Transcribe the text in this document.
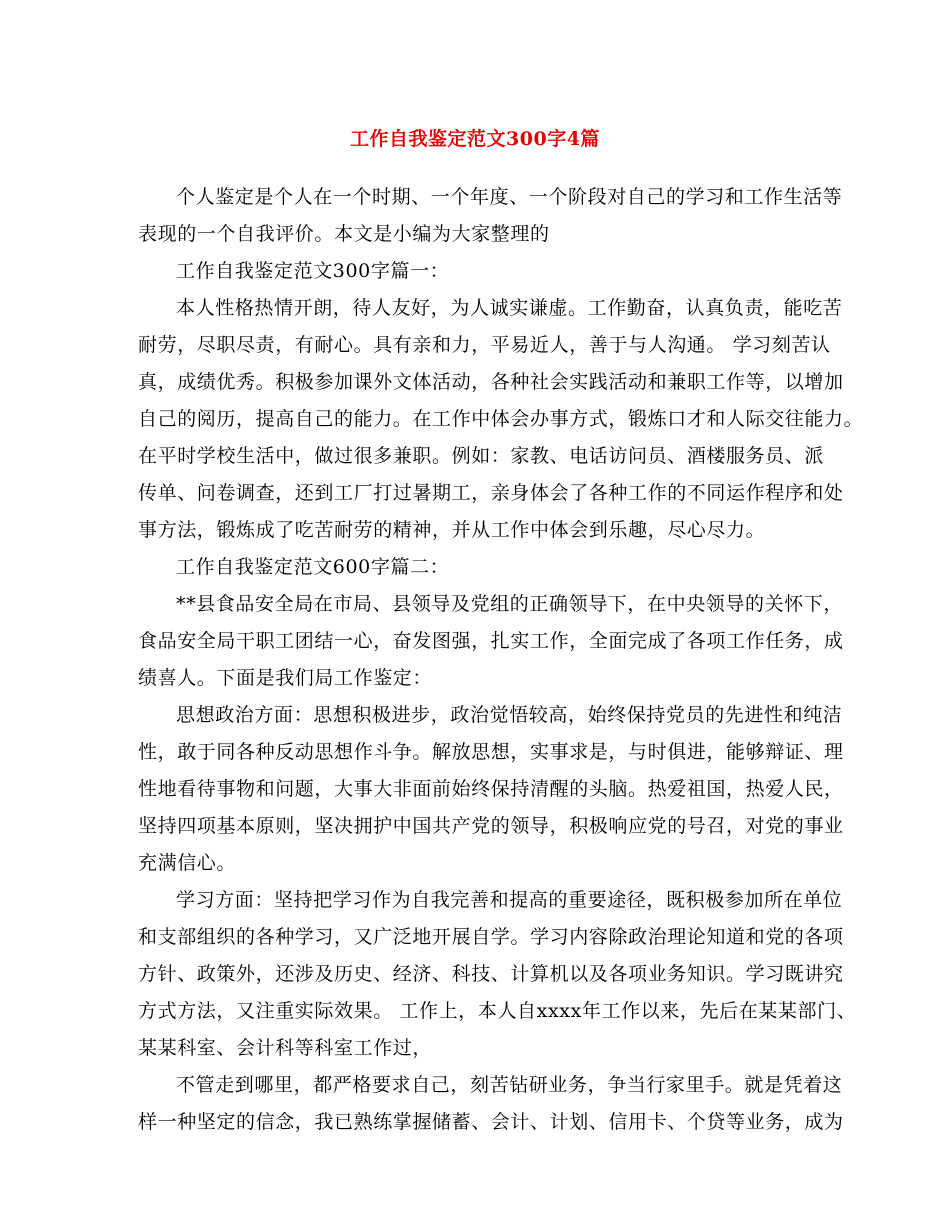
工作自我鉴定范文300字4篇
个人鉴定是个人在一个时期、一个年度、一个阶段对自己的学习和工作生活等
表现的一个自我评价。本文是小编为大家整理的
工作自我鉴定范文300字篇一：
本人性格热情开朗，待人友好，为人诚实谦虚。工作勤奋，认真负责，能吃苦
耐劳，尽职尽责，有耐心。具有亲和力，平易近人，善于与人沟通。 学习刻苦认
真，成绩优秀。积极参加课外文体活动，各种社会实践活动和兼职工作等，以增加
自己的阅历，提高自己的能力。在工作中体会办事方式，锻炼口才和人际交往能力。
在平时学校生活中，做过很多兼职。例如：家教、电话访问员、酒楼服务员、派
传单、问卷调查，还到工厂打过暑期工，亲身体会了各种工作的不同运作程序和处
事方法，锻炼成了吃苦耐劳的精神，并从工作中体会到乐趣，尽心尽力。
工作自我鉴定范文600字篇二：
**县食品安全局在市局、县领导及党组的正确领导下，在中央领导的关怀下，
食品安全局干职工团结一心，奋发图强，扎实工作，全面完成了各项工作任务，成
绩喜人。下面是我们局工作鉴定：
思想政治方面：思想积极进步，政治觉悟较高，始终保持党员的先进性和纯洁
性，敢于同各种反动思想作斗争。解放思想，实事求是，与时俱进，能够辩证、理
性地看待事物和问题，大事大非面前始终保持清醒的头脑。热爱祖国，热爱人民，
坚持四项基本原则，坚决拥护中国共产党的领导，积极响应党的号召，对党的事业
充满信心。
学习方面：坚持把学习作为自我完善和提高的重要途径，既积极参加所在单位
和支部组织的各种学习，又广泛地开展自学。学习内容除政治理论知道和党的各项
方针、政策外，还涉及历史、经济、科技、计算机以及各项业务知识。学习既讲究
方式方法，又注重实际效果。 工作上，本人自xxxx年工作以来，先后在某某部门、
某某科室、会计科等科室工作过，
不管走到哪里，都严格要求自己，刻苦钻研业务，争当行家里手。就是凭着这
样一种坚定的信念，我已熟练掌握储蓄、会计、计划、信用卡、个贷等业务，成为
